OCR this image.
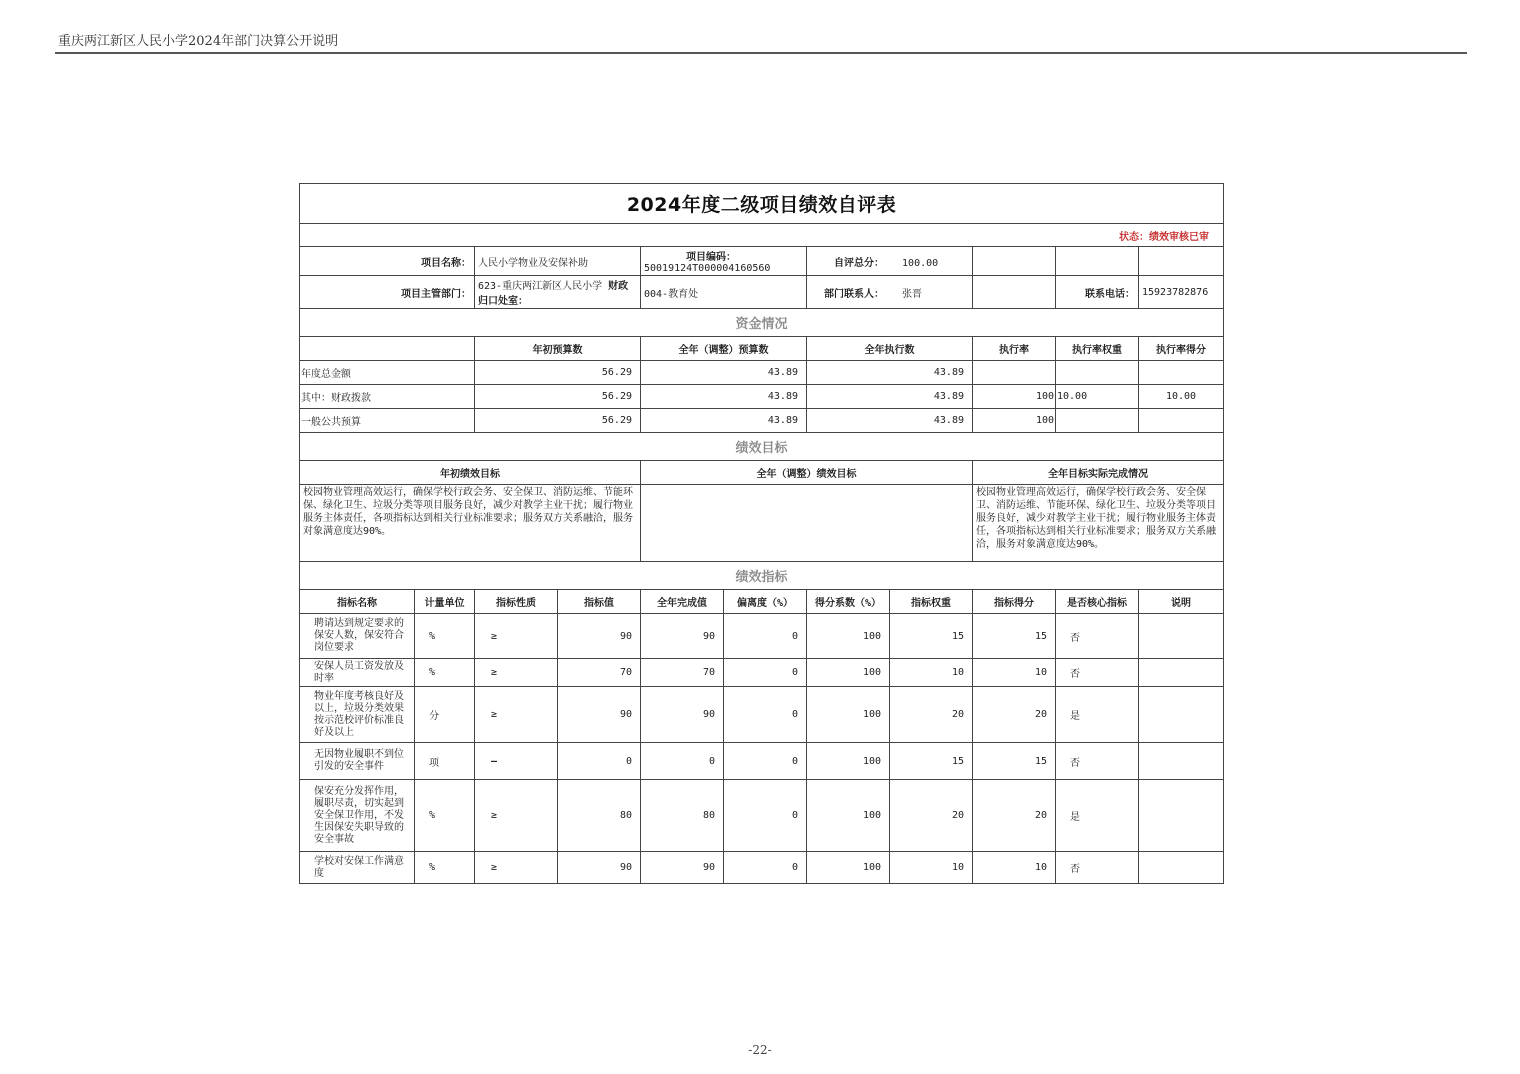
重庆两江新区人民小学2024年部门决算公开说明
2024年度二级项目绩效自评表										
状态：绩效审核已审										
项目名称：		人民小学物业及安保补助		项目编码： 50019124T000004160560		自评总分： 100.00				
项目主管部门：		623-重庆两江新区人民小学 财政归口处室：		004-教育处		部门联系人： 张晋			联系电话：	15923782876
资金情况										
		年初预算数		全年（调整）预算数		全年执行数		执行率	执行率权重	执行率得分
年度总金额		56.29		43.89		43.89				
其中：财政拨款		56.29		43.89		43.89		100	10.00	10.00
一般公共预算		56.29		43.89		43.89		100		
绩效目标										
年初绩效目标				全年（调整）绩效目标				全年目标实际完成情况		
校园物业管理高效运行，确保学校行政会务、安全保卫、消防运维、节能环保、绿化卫生、垃圾分类等项目服务良好，减少对教学主业干扰；履行物业服务主体责任，各项指标达到相关行业标准要求；服务双方关系融洽，服务对象满意度达90%。								校园物业管理高效运行，确保学校行政会务、安全保卫、消防运维、节能环保、绿化卫生、垃圾分类等项目服务良好，减少对教学主业干扰；履行物业服务主体责任，各项指标达到相关行业标准要求；服务双方关系融洽，服务对象满意度达90%。		
绩效指标										
指标名称	计量单位	指标性质	指标值	全年完成值	偏离度（%）	得分系数（%）	指标权重	指标得分	是否核心指标	说明
聘请达到规定要求的保安人数，保安符合岗位要求	%	≥	90	90	0	100	15	15	否	
安保人员工资发放及时率	%	≥	70	70	0	100	10	10	否	
物业年度考核良好及以上，垃圾分类效果按示范校评价标准良好及以上	分	≥	90	90	0	100	20	20	是	
无因物业履职不到位引发的安全事件	项	—	0	0	0	100	15	15	否	
保安充分发挥作用，履职尽责，切实起到安全保卫作用，不发生因保安失职导致的安全事故	%	≥	80	80	0	100	20	20	是	
学校对安保工作满意度	%	≥	90	90	0	100	10	10	否	
-22-
